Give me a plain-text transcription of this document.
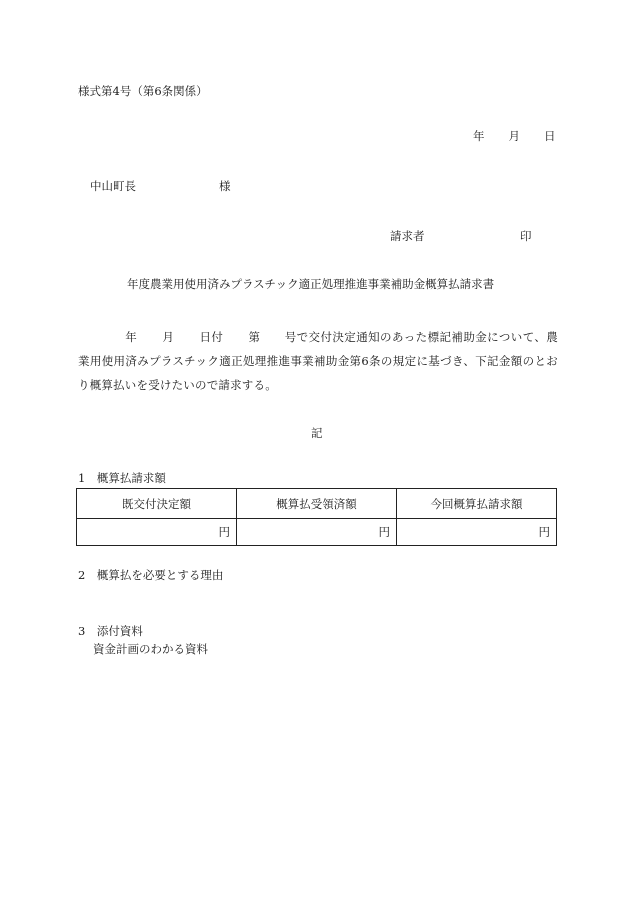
様式第4号（第6条関係）
年 月 日
中山町長	様
請求者	印
年度農業用使用済みプラスチック適正処理推進事業補助金概算払請求書
年 月 日付 第 号で交付決定通知のあった標記補助金について、農業用使用済みプラスチック適正処理推進事業補助金第6条の規定に基づき、下記金額のとおり概算払いを受けたいので請求する。
記
1　概算払請求額
既交付決定額	概算払受領済額	今回概算払請求額
円	円	円
2　概算払を必要とする理由
3　添付資料
資金計画のわかる資料
